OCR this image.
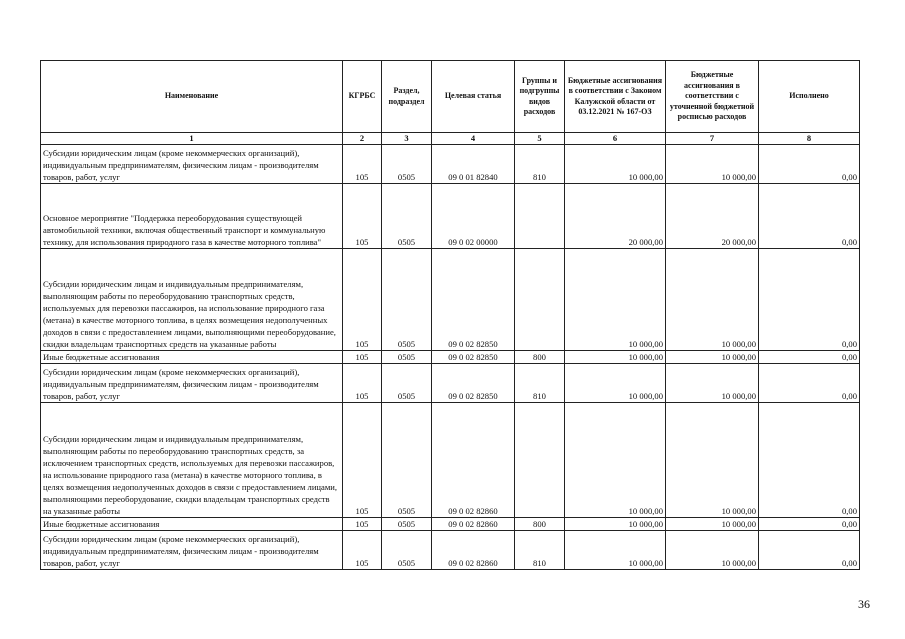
Наименование	КГРБС	Раздел, подраздел	Целевая статья	Группы и подгруппы видов расходов	Бюджетные ассигнования в соответствии с Законом Калужской области от 03.12.2021 № 167-ОЗ	Бюджетные ассигнования в соответствии с уточненной бюджетной росписью расходов	Исполнено
1	2	3	4	5	6	7	8
Субсидии юридическим лицам (кроме некоммерческих организаций), индивидуальным предпринимателям, физическим лицам - производителям товаров, работ, услуг	105	0505	09 0 01 82840	810	10 000,00	10 000,00	0,00
Основное мероприятие "Поддержка переоборудования существующей автомобильной техники, включая общественный транспорт и коммунальную технику, для использования природного газа в качестве моторного топлива"	105	0505	09 0 02 00000		20 000,00	20 000,00	0,00
Субсидии юридическим лицам и индивидуальным предпринимателям, выполняющим работы по переоборудованию транспортных средств, используемых для перевозки пассажиров, на использование природного газа (метана) в качестве моторного топлива, в целях возмещения недополученных доходов в связи с предоставлением лицами, выполняющими переоборудование, скидки владельцам транспортных средств на указанные работы	105	0505	09 0 02 82850		10 000,00	10 000,00	0,00
Иные бюджетные ассигнования	105	0505	09 0 02 82850	800	10 000,00	10 000,00	0,00
Субсидии юридическим лицам (кроме некоммерческих организаций), индивидуальным предпринимателям, физическим лицам - производителям товаров, работ, услуг	105	0505	09 0 02 82850	810	10 000,00	10 000,00	0,00
Субсидии юридическим лицам и индивидуальным предпринимателям, выполняющим работы по переоборудованию транспортных средств, за исключением транспортных средств, используемых для перевозки пассажиров, на использование природного газа (метана) в качестве моторного топлива, в целях возмещения недополученных доходов в связи с предоставлением лицами, выполняющими переоборудование, скидки владельцам транспортных средств на указанные работы	105	0505	09 0 02 82860		10 000,00	10 000,00	0,00
Иные бюджетные ассигнования	105	0505	09 0 02 82860	800	10 000,00	10 000,00	0,00
Субсидии юридическим лицам (кроме некоммерческих организаций), индивидуальным предпринимателям, физическим лицам - производителям товаров, работ, услуг	105	0505	09 0 02 82860	810	10 000,00	10 000,00	0,00
36
